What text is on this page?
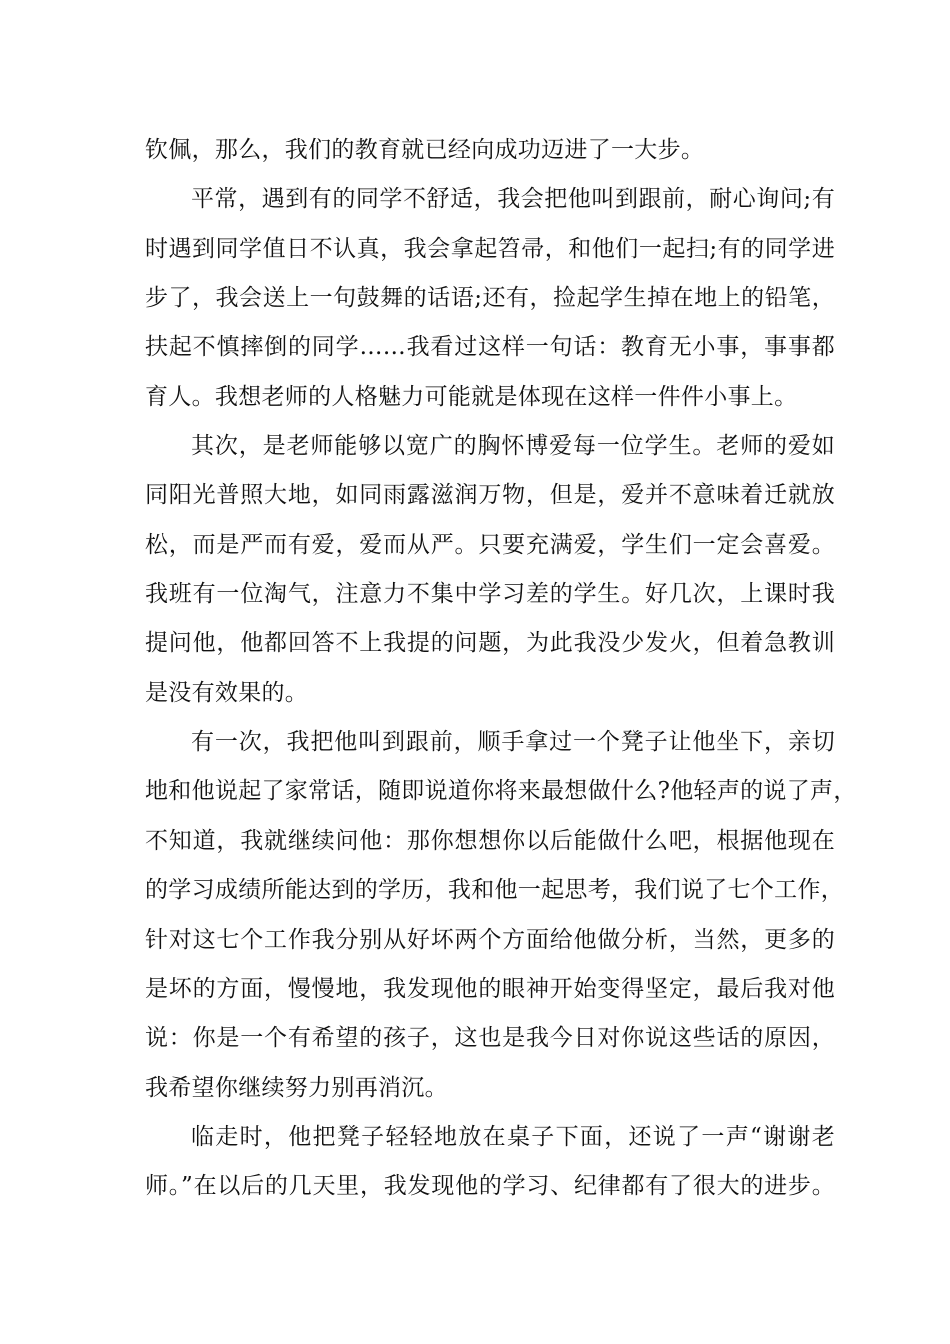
钦佩，那么，我们的教育就已经向成功迈进了一大步。
平常，遇到有的同学不舒适，我会把他叫到跟前，耐心询问;有
时遇到同学值日不认真，我会拿起笤帚，和他们一起扫;有的同学进
步了，我会送上一句鼓舞的话语;还有，捡起学生掉在地上的铅笔，
扶起不慎摔倒的同学……我看过这样一句话：教育无小事，事事都
育人。我想老师的人格魅力可能就是体现在这样一件件小事上。
其次，是老师能够以宽广的胸怀博爱每一位学生。老师的爱如
同阳光普照大地，如同雨露滋润万物，但是，爱并不意味着迁就放
松，而是严而有爱，爱而从严。只要充满爱，学生们一定会喜爱。
我班有一位淘气，注意力不集中学习差的学生。好几次，上课时我
提问他，他都回答不上我提的问题，为此我没少发火，但着急教训
是没有效果的。
有一次，我把他叫到跟前，顺手拿过一个凳子让他坐下，亲切
地和他说起了家常话，随即说道你将来最想做什么?他轻声的说了声，
不知道，我就继续问他：那你想想你以后能做什么吧，根据他现在
的学习成绩所能达到的学历，我和他一起思考，我们说了七个工作，
针对这七个工作我分别从好坏两个方面给他做分析，当然，更多的
是坏的方面，慢慢地，我发现他的眼神开始变得坚定，最后我对他
说：你是一个有希望的孩子，这也是我今日对你说这些话的原因，
我希望你继续努力别再消沉。
临走时，他把凳子轻轻地放在桌子下面，还说了一声“谢谢老
师。”在以后的几天里，我发现他的学习、纪律都有了很大的进步。
